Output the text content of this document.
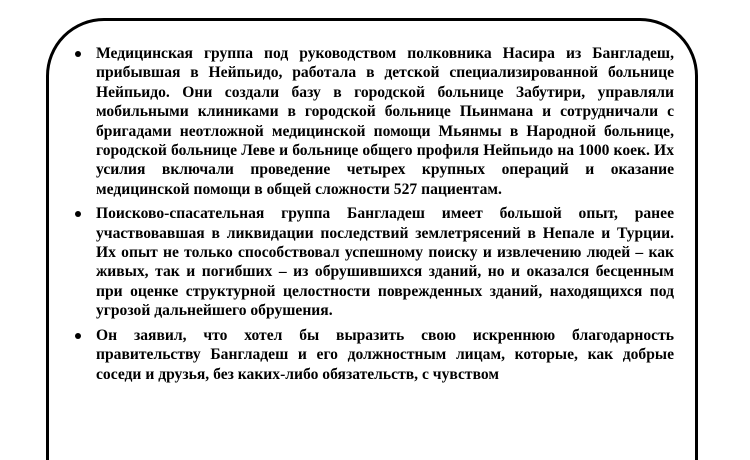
Медицинская группа под руководством полковника Насира из Бангладеш, прибывшая в Нейпьидо, работала в детской специализированной больнице Нейпьидо. Они создали базу в городской больнице Забутири, управляли мобильными клиниками в городской больнице Пьинмана и сотрудничали с бригадами неотложной медицинской помощи Мьянмы в Народной больнице, городской больнице Леве и больнице общего профиля Нейпьидо на 1000 коек. Их усилия включали проведение четырех крупных операций и оказание медицинской помощи в общей сложности 527 пациентам.
Поисково-спасательная группа Бангладеш имеет большой опыт, ранее участвовавшая в ликвидации последствий землетрясений в Непале и Турции. Их опыт не только способствовал успешному поиску и извлечению людей – как живых, так и погибших – из обрушившихся зданий, но и оказался бесценным при оценке структурной целостности поврежденных зданий, находящихся под угрозой дальнейшего обрушения.
Он заявил, что хотел бы выразить свою искреннюю благодарность правительству Бангладеш и его должностным лицам, которые, как добрые соседи и друзья, без каких-либо обязательств, с чувством
